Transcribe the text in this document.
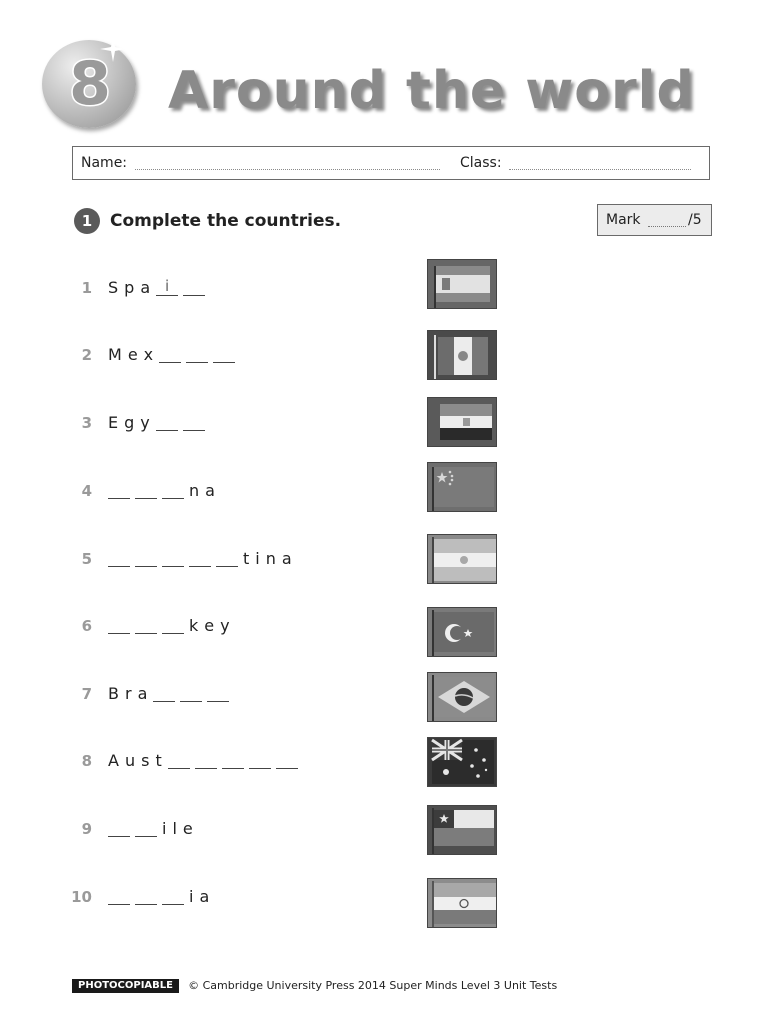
8	Around the world
Name:	Class:
1	Complete the countries.	Mark	/5
1 S p a i
2 M e x
3 E g y
4	n a
5	t i n a
6	k e y
7 B r a
8 A u s t
9	i l e
10	i a
PHOTOCOPIABLE © Cambridge University Press 2014 Super Minds Level 3 Unit Tests
